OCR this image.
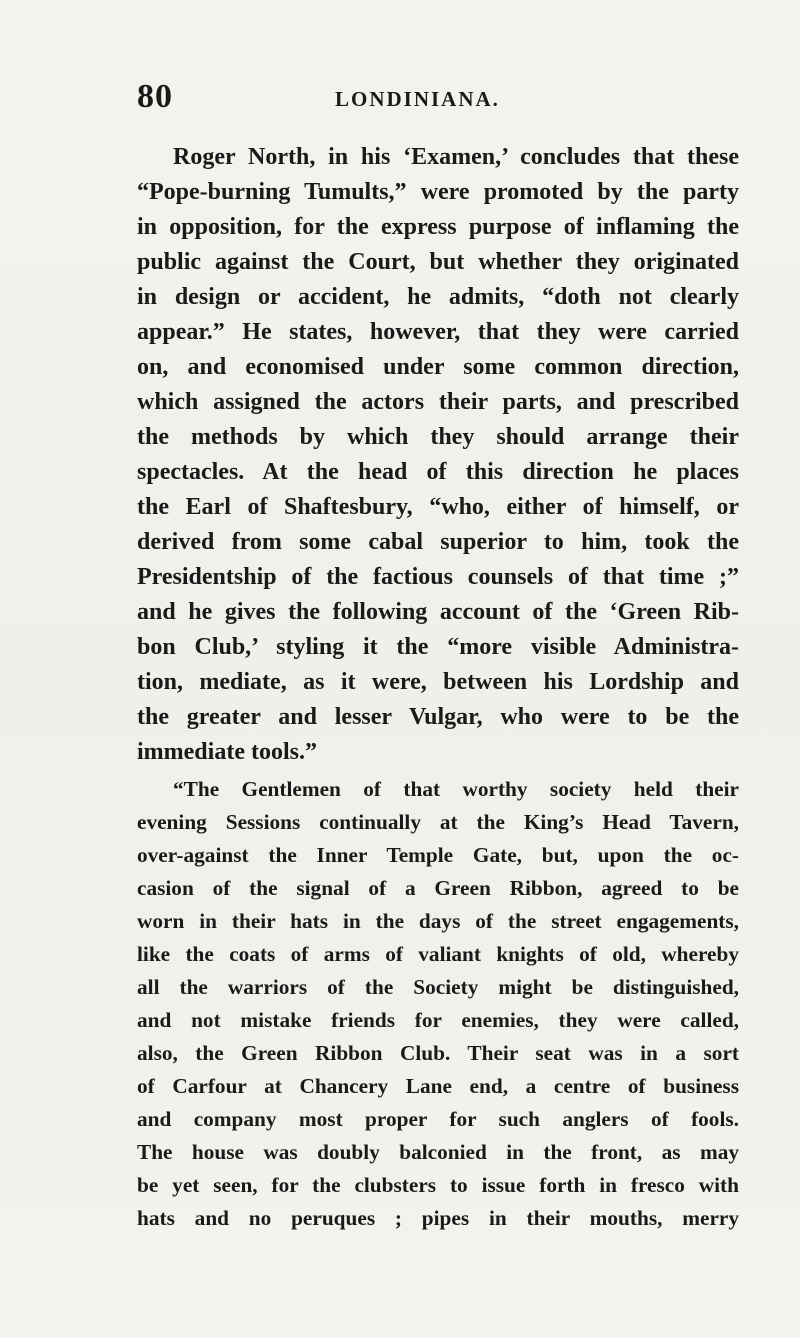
80	LONDINIANA.
Roger North, in his ‘Examen,’ concludes that these
“Pope-burning Tumults,” were promoted by the party
in opposition, for the express purpose of inflaming the
public against the Court, but whether they originated
in design or accident, he admits, “doth not clearly
appear.” He states, however, that they were carried
on, and economised under some common direction,
which assigned the actors their parts, and prescribed
the methods by which they should arrange their
spectacles. At the head of this direction he places
the Earl of Shaftesbury, “who, either of himself, or
derived from some cabal superior to him, took the
Presidentship of the factious counsels of that time ;”
and he gives the following account of the ‘Green Rib-
bon Club,’ styling it the “more visible Administra-
tion, mediate, as it were, between his Lordship and
the greater and lesser Vulgar, who were to be the
immediate tools.”
“The Gentlemen of that worthy society held their
evening Sessions continually at the King’s Head Tavern,
over-against the Inner Temple Gate, but, upon the oc-
casion of the signal of a Green Ribbon, agreed to be
worn in their hats in the days of the street engagements,
like the coats of arms of valiant knights of old, whereby
all the warriors of the Society might be distinguished,
and not mistake friends for enemies, they were called,
also, the Green Ribbon Club. Their seat was in a sort
of Carfour at Chancery Lane end, a centre of business
and company most proper for such anglers of fools.
The house was doubly balconied in the front, as may
be yet seen, for the clubsters to issue forth in fresco with
hats and no peruques ; pipes in their mouths, merry
